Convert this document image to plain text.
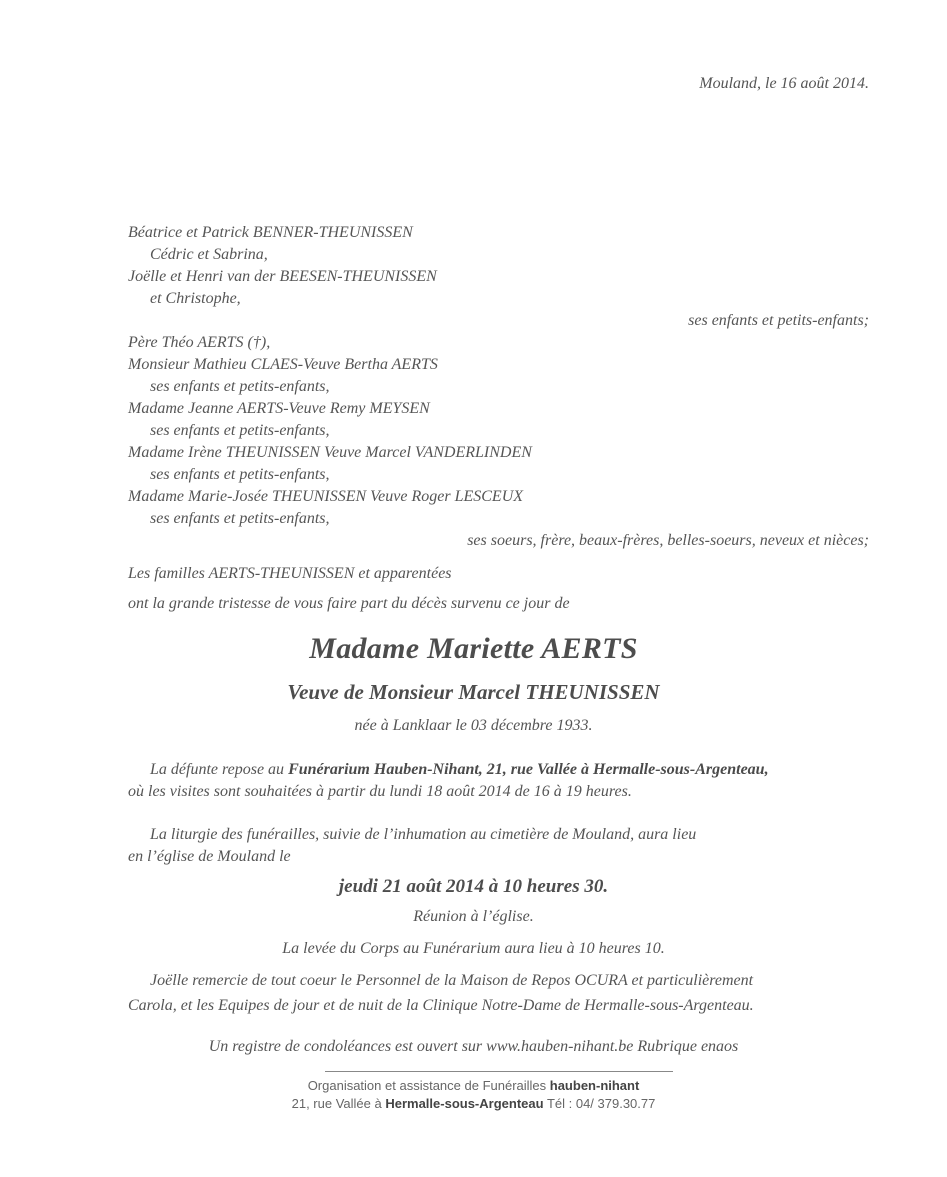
Mouland, le 16 août 2014.
Béatrice et Patrick BENNER-THEUNISSEN
Cédric et Sabrina,
Joëlle et Henri van der BEESEN-THEUNISSEN
et Christophe,
ses enfants et petits-enfants;
Père Théo AERTS (†),
Monsieur Mathieu CLAES-Veuve Bertha AERTS
ses enfants et petits-enfants,
Madame Jeanne AERTS-Veuve Remy MEYSEN
ses enfants et petits-enfants,
Madame Irène THEUNISSEN Veuve Marcel VANDERLINDEN
ses enfants et petits-enfants,
Madame Marie-Josée THEUNISSEN Veuve Roger LESCEUX
ses enfants et petits-enfants,
ses soeurs, frère, beaux-frères, belles-soeurs, neveux et nièces;
Les familles AERTS-THEUNISSEN et apparentées
ont la grande tristesse de vous faire part du décès survenu ce jour de
Madame Mariette AERTS
Veuve de Monsieur Marcel THEUNISSEN
née à Lanklaar le 03 décembre 1933.
La défunte repose au Funérarium Hauben-Nihant, 21, rue Vallée à Hermalle-sous-Argenteau,
où les visites sont souhaitées à partir du lundi 18 août 2014 de 16 à 19 heures.
La liturgie des funérailles, suivie de l’inhumation au cimetière de Mouland, aura lieu
en l’église de Mouland le
jeudi 21 août 2014 à 10 heures 30.
Réunion à l’église.
La levée du Corps au Funérarium aura lieu à 10 heures 10.
Joëlle remercie de tout coeur le Personnel de la Maison de Repos OCURA et particulièrement
Carola, et les Equipes de jour et de nuit de la Clinique Notre-Dame de Hermalle-sous-Argenteau.
Un registre de condoléances est ouvert sur www.hauben-nihant.be Rubrique enaos
Organisation et assistance de Funérailles hauben-nihant
21, rue Vallée à Hermalle-sous-Argenteau Tél : 04/ 379.30.77
